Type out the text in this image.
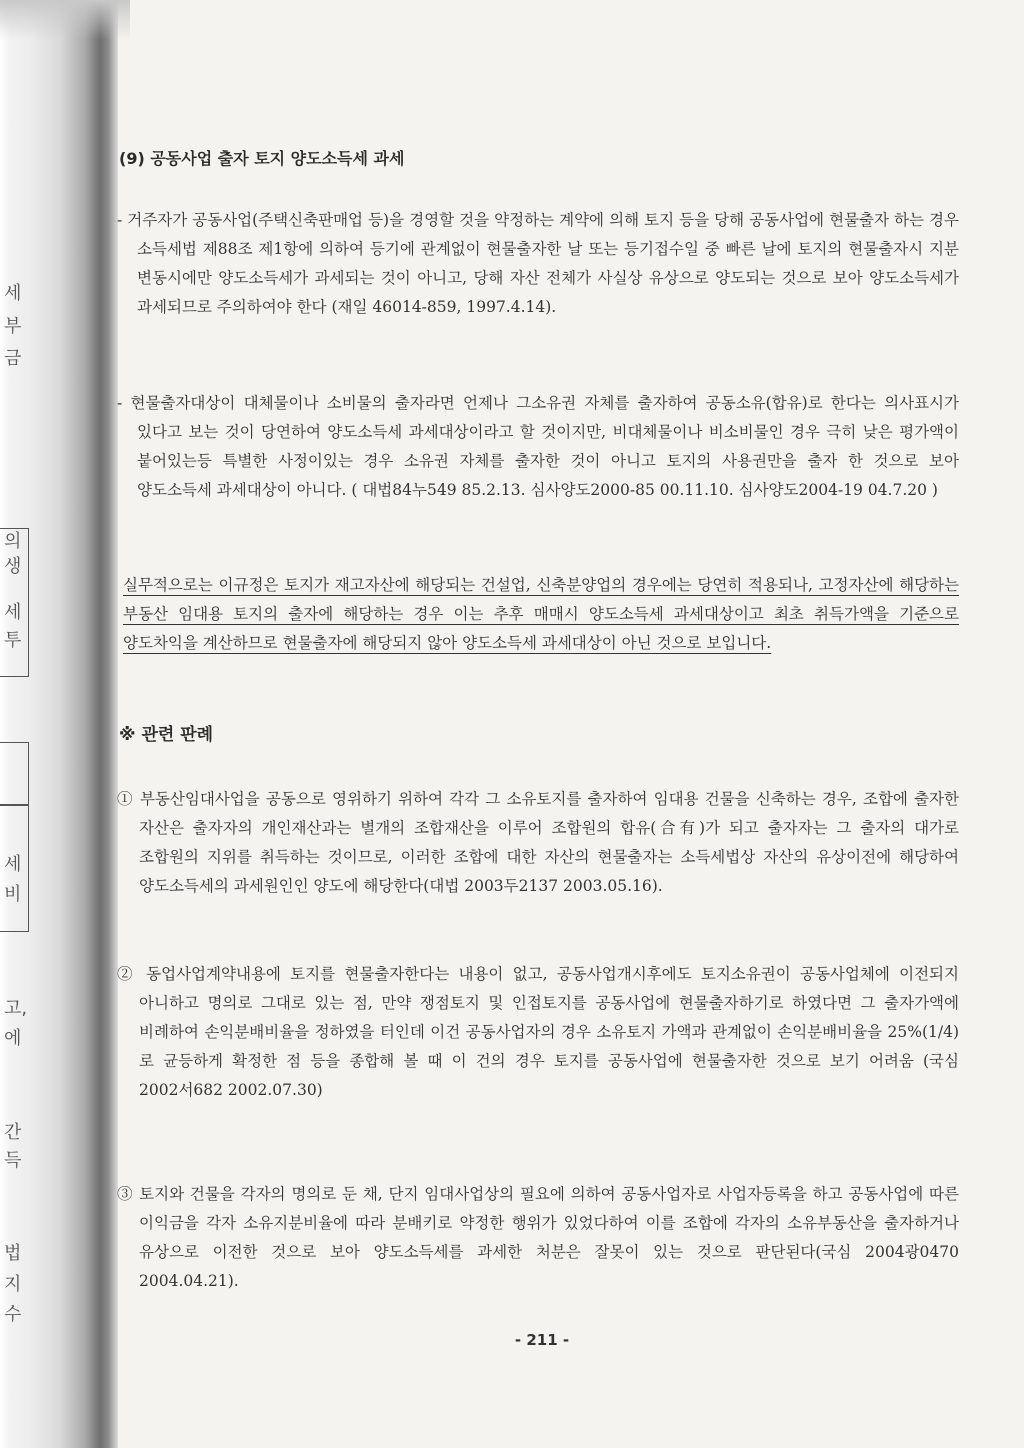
세
부
금
의
생
세
투
세
비
고,
에
간
득
법
지
수
(9) 공동사업 출자 토지 양도소득세 과세

- 거주자가 공동사업(주택신축판매업 등)을 경영할 것을 약정하는 계약에 의해 토지 등을 당해 공동사업에 현물출자 하는 경우 소득세법 제88조 제1항에 의하여 등기에 관계없이 현물출자한 날 또는 등기접수일 중 빠른 날에 토지의 현물출자시 지분 변동시에만 양도소득세가 과세되는 것이 아니고, 당해 자산 전체가 사실상 유상으로 양도되는 것으로 보아 양도소득세가 과세되므로 주의하여야 한다 (재일 46014-859, 1997.4.14).

- 현물출자대상이 대체물이나 소비물의 출자라면 언제나 그소유권 자체를 출자하여 공동소유(합유)로 한다는 의사표시가 있다고 보는 것이 당연하여 양도소득세 과세대상이라고 할 것이지만, 비대체물이나 비소비물인 경우 극히 낮은 평가액이 붙어있는등 특별한 사정이있는 경우 소유권 자체를 출자한 것이 아니고 토지의 사용권만을 출자 한 것으로 보아 양도소득세 과세대상이 아니다. ( 대법84누549 85.2.13. 심사양도2000-85 00.11.10. 심사양도2004-19 04.7.20 )

실무적으로는 이규정은 토지가 재고자산에 해당되는 건설업, 신축분양업의 경우에는 당연히 적용되나, 고정자산에 해당하는 부동산 임대용 토지의 출자에 해당하는 경우 이는 추후 매매시 양도소득세 과세대상이고 최초 취득가액을 기준으로 양도차익을 계산하므로 현물출자에 해당되지 않아 양도소득세 과세대상이 아닌 것으로 보입니다.

※ 관련 판례

① 부동산임대사업을 공동으로 영위하기 위하여 각각 그 소유토지를 출자하여 임대용 건물을 신축하는 경우, 조합에 출자한 자산은 출자자의 개인재산과는 별개의 조합재산을 이루어 조합원의 합유(合有)가 되고 출자자는 그 출자의 대가로 조합원의 지위를 취득하는 것이므로, 이러한 조합에 대한 자산의 현물출자는 소득세법상 자산의 유상이전에 해당하여 양도소득세의 과세원인인 양도에 해당한다(대법 2003두2137 2003.05.16).

② 동업사업계약내용에 토지를 현물출자한다는 내용이 없고, 공동사업개시후에도 토지소유권이 공동사업체에 이전되지 아니하고 명의로 그대로 있는 점, 만약 쟁점토지 및 인접토지를 공동사업에 현물출자하기로 하였다면 그 출자가액에 비례하여 손익분배비율을 정하였을 터인데 이건 공동사업자의 경우 소유토지 가액과 관계없이 손익분배비율을 25%(1/4)로 균등하게 확정한 점 등을 종합해 볼 때 이 건의 경우 토지를 공동사업에 현물출자한 것으로 보기 어려움 (국심 2002서682 2002.07.30)

③ 토지와 건물을 각자의 명의로 둔 채, 단지 임대사업상의 필요에 의하여 공동사업자로 사업자등록을 하고 공동사업에 따른 이익금을 각자 소유지분비율에 따라 분배키로 약정한 행위가 있었다하여 이를 조합에 각자의 소유부동산을 출자하거나 유상으로 이전한 것으로 보아 양도소득세를 과세한 처분은 잘못이 있는 것으로 판단된다(국심 2004광0470 2004.04.21).

- 211 -
